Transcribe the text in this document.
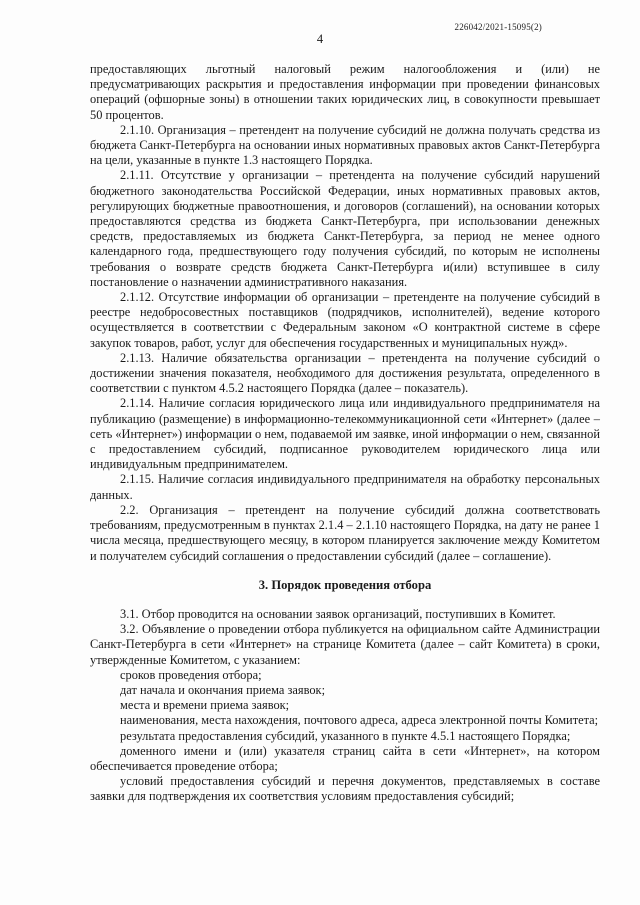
226042/2021-15095(2)
4

предоставляющих льготный налоговый режим налогообложения и (или) не предусматривающих раскрытия и предоставления информации при проведении финансовых операций (офшорные зоны) в отношении таких юридических лиц, в совокупности превышает 50 процентов.

2.1.10. Организация – претендент на получение субсидий не должна получать средства из бюджета Санкт-Петербурга на основании иных нормативных правовых актов Санкт-Петербурга на цели, указанные в пункте 1.3 настоящего Порядка.

2.1.11. Отсутствие у организации – претендента на получение субсидий нарушений бюджетного законодательства Российской Федерации, иных нормативных правовых актов, регулирующих бюджетные правоотношения, и договоров (соглашений), на основании которых предоставляются средства из бюджета Санкт-Петербурга, при использовании денежных средств, предоставляемых из бюджета Санкт-Петербурга, за период не менее одного календарного года, предшествующего году получения субсидий, по которым не исполнены требования о возврате средств бюджета Санкт-Петербурга и(или) вступившее в силу постановление о назначении административного наказания.

2.1.12. Отсутствие информации об организации – претенденте на получение субсидий в реестре недобросовестных поставщиков (подрядчиков, исполнителей), ведение которого осуществляется в соответствии с Федеральным законом «О контрактной системе в сфере закупок товаров, работ, услуг для обеспечения государственных и муниципальных нужд».

2.1.13. Наличие обязательства организации – претендента на получение субсидий о достижении значения показателя, необходимого для достижения результата, определенного в соответствии с пунктом 4.5.2 настоящего Порядка (далее – показатель).

2.1.14. Наличие согласия юридического лица или индивидуального предпринимателя на публикацию (размещение) в информационно-телекоммуникационной сети «Интернет» (далее – сеть «Интернет») информации о нем, подаваемой им заявке, иной информации о нем, связанной с предоставлением субсидий, подписанное руководителем юридического лица или индивидуальным предпринимателем.

2.1.15. Наличие согласия индивидуального предпринимателя на обработку персональных данных.

2.2. Организация – претендент на получение субсидий должна соответствовать требованиям, предусмотренным в пунктах 2.1.4 – 2.1.10 настоящего Порядка, на дату не ранее 1 числа месяца, предшествующего месяцу, в котором планируется заключение между Комитетом и получателем субсидий соглашения о предоставлении субсидий (далее – соглашение).

3. Порядок проведения отбора

3.1. Отбор проводится на основании заявок организаций, поступивших в Комитет.

3.2. Объявление о проведении отбора публикуется на официальном сайте Администрации Санкт-Петербурга в сети «Интернет» на странице Комитета (далее – сайт Комитета) в сроки, утвержденные Комитетом, с указанием:

сроков проведения отбора;

дат начала и окончания приема заявок;

места и времени приема заявок;

наименования, места нахождения, почтового адреса, адреса электронной почты Комитета;

результата предоставления субсидий, указанного в пункте 4.5.1 настоящего Порядка;

доменного имени и (или) указателя страниц сайта в сети «Интернет», на котором обеспечивается проведение отбора;

условий предоставления субсидий и перечня документов, представляемых в составе заявки для подтверждения их соответствия условиям предоставления субсидий;
